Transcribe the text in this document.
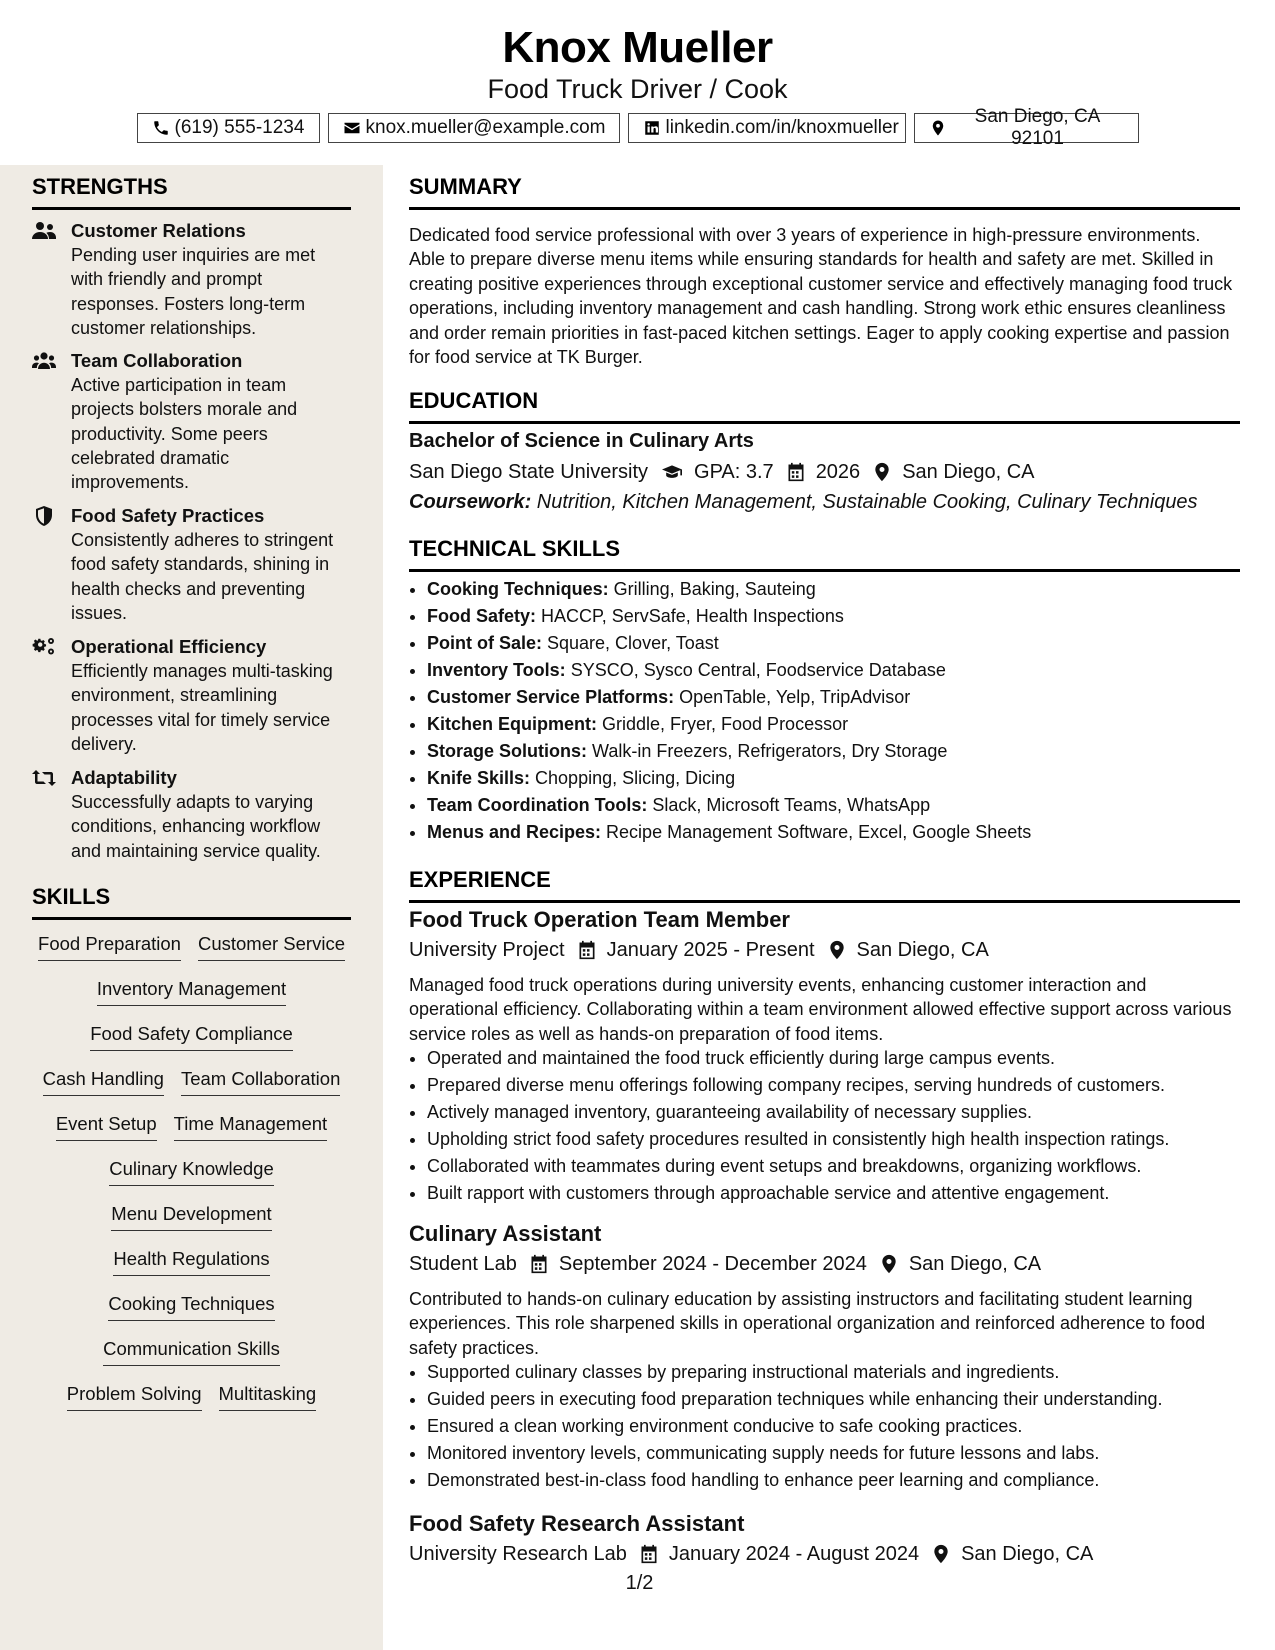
Knox Mueller
Food Truck Driver / Cook
(619) 555-1234	knox.mueller@example.com	linkedin.com/in/knoxmueller
San Diego, CA 92101
STRENGTHS
Customer Relations
Pending user inquiries are met with friendly and prompt responses. Fosters long-term customer relationships.
Team Collaboration
Active participation in team projects bolsters morale and productivity. Some peers celebrated dramatic improvements.
Food Safety Practices
Consistently adheres to stringent food safety standards, shining in health checks and preventing issues.
Operational Efficiency
Efficiently manages multi-tasking environment, streamlining processes vital for timely service delivery.
Adaptability
Successfully adapts to varying conditions, enhancing workflow and maintaining service quality.
SKILLS
Food Preparation Customer Service
Inventory Management
Food Safety Compliance
Cash Handling Team Collaboration
Event Setup Time Management
Culinary Knowledge
Menu Development
Health Regulations
Cooking Techniques
Communication Skills
Problem Solving Multitasking
SUMMARY
Dedicated food service professional with over 3 years of experience in high-pressure environments. Able to prepare diverse menu items while ensuring standards for health and safety are met. Skilled in creating positive experiences through exceptional customer service and effectively managing food truck operations, including inventory management and cash handling. Strong work ethic ensures cleanliness and order remain priorities in fast-paced kitchen settings. Eager to apply cooking expertise and passion for food service at TK Burger.
EDUCATION
Bachelor of Science in Culinary Arts
San Diego State University GPA: 3.7 2026 San Diego, CA
Coursework: Nutrition, Kitchen Management, Sustainable Cooking, Culinary Techniques
TECHNICAL SKILLS
• Cooking Techniques: Grilling, Baking, Sauteing
• Food Safety: HACCP, ServSafe, Health Inspections
• Point of Sale: Square, Clover, Toast
• Inventory Tools: SYSCO, Sysco Central, Foodservice Database
• Customer Service Platforms: OpenTable, Yelp, TripAdvisor
• Kitchen Equipment: Griddle, Fryer, Food Processor
• Storage Solutions: Walk-in Freezers, Refrigerators, Dry Storage
• Knife Skills: Chopping, Slicing, Dicing
• Team Coordination Tools: Slack, Microsoft Teams, WhatsApp
• Menus and Recipes: Recipe Management Software, Excel, Google Sheets
EXPERIENCE
Food Truck Operation Team Member
University Project January 2025 - Present San Diego, CA
Managed food truck operations during university events, enhancing customer interaction and operational efficiency. Collaborating within a team environment allowed effective support across various service roles as well as hands-on preparation of food items.
• Operated and maintained the food truck efficiently during large campus events.
• Prepared diverse menu offerings following company recipes, serving hundreds of customers.
• Actively managed inventory, guaranteeing availability of necessary supplies.
• Upholding strict food safety procedures resulted in consistently high health inspection ratings.
• Collaborated with teammates during event setups and breakdowns, organizing workflows.
• Built rapport with customers through approachable service and attentive engagement.
Culinary Assistant
Student Lab September 2024 - December 2024 San Diego, CA
Contributed to hands-on culinary education by assisting instructors and facilitating student learning experiences. This role sharpened skills in operational organization and reinforced adherence to food safety practices.
• Supported culinary classes by preparing instructional materials and ingredients.
• Guided peers in executing food preparation techniques while enhancing their understanding.
• Ensured a clean working environment conducive to safe cooking practices.
• Monitored inventory levels, communicating supply needs for future lessons and labs.
• Demonstrated best-in-class food handling to enhance peer learning and compliance.
Food Safety Research Assistant
University Research Lab January 2024 - August 2024 San Diego, CA
1/2
